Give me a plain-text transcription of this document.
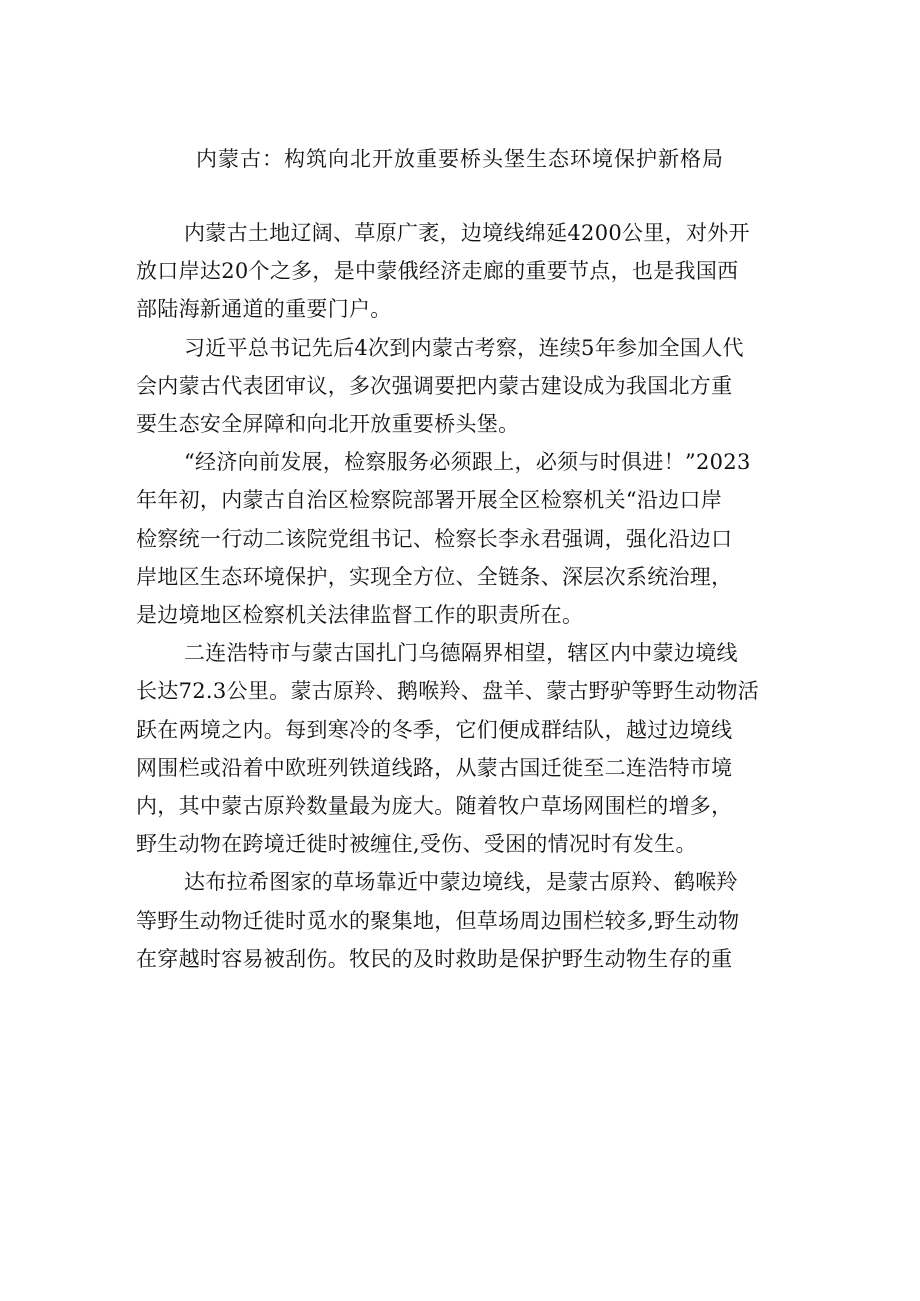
内蒙古：构筑向北开放重要桥头堡生态环境保护新格局

内蒙古土地辽阔、草原广袤，边境线绵延4200公里，对外开
放口岸达20个之多，是中蒙俄经济走廊的重要节点，也是我国西
部陆海新通道的重要门户。

习近平总书记先后4次到内蒙古考察，连续5年参加全国人代
会内蒙古代表团审议，多次强调要把内蒙古建设成为我国北方重
要生态安全屏障和向北开放重要桥头堡。

“经济向前发展，检察服务必须跟上，必须与时俱进！”2023
年年初，内蒙古自治区检察院部署开展全区检察机关“沿边口岸
检察统一行动二该院党组书记、检察长李永君强调，强化沿边口
岸地区生态环境保护，实现全方位、全链条、深层次系统治理，
是边境地区检察机关法律监督工作的职责所在。

二连浩特市与蒙古国扎门乌德隔界相望，辖区内中蒙边境线
长达72.3公里。蒙古原羚、鹅喉羚、盘羊、蒙古野驴等野生动物活
跃在两境之内。每到寒冷的冬季，它们便成群结队，越过边境线
网围栏或沿着中欧班列铁道线路，从蒙古国迁徙至二连浩特市境
内，其中蒙古原羚数量最为庞大。随着牧户草场网围栏的增多，
野生动物在跨境迁徙时被缠住,受伤、受困的情况时有发生。

达布拉希图家的草场靠近中蒙边境线，是蒙古原羚、鹤喉羚
等野生动物迁徙时觅水的聚集地，但草场周边围栏较多,野生动物
在穿越时容易被刮伤。牧民的及时救助是保护野生动物生存的重
